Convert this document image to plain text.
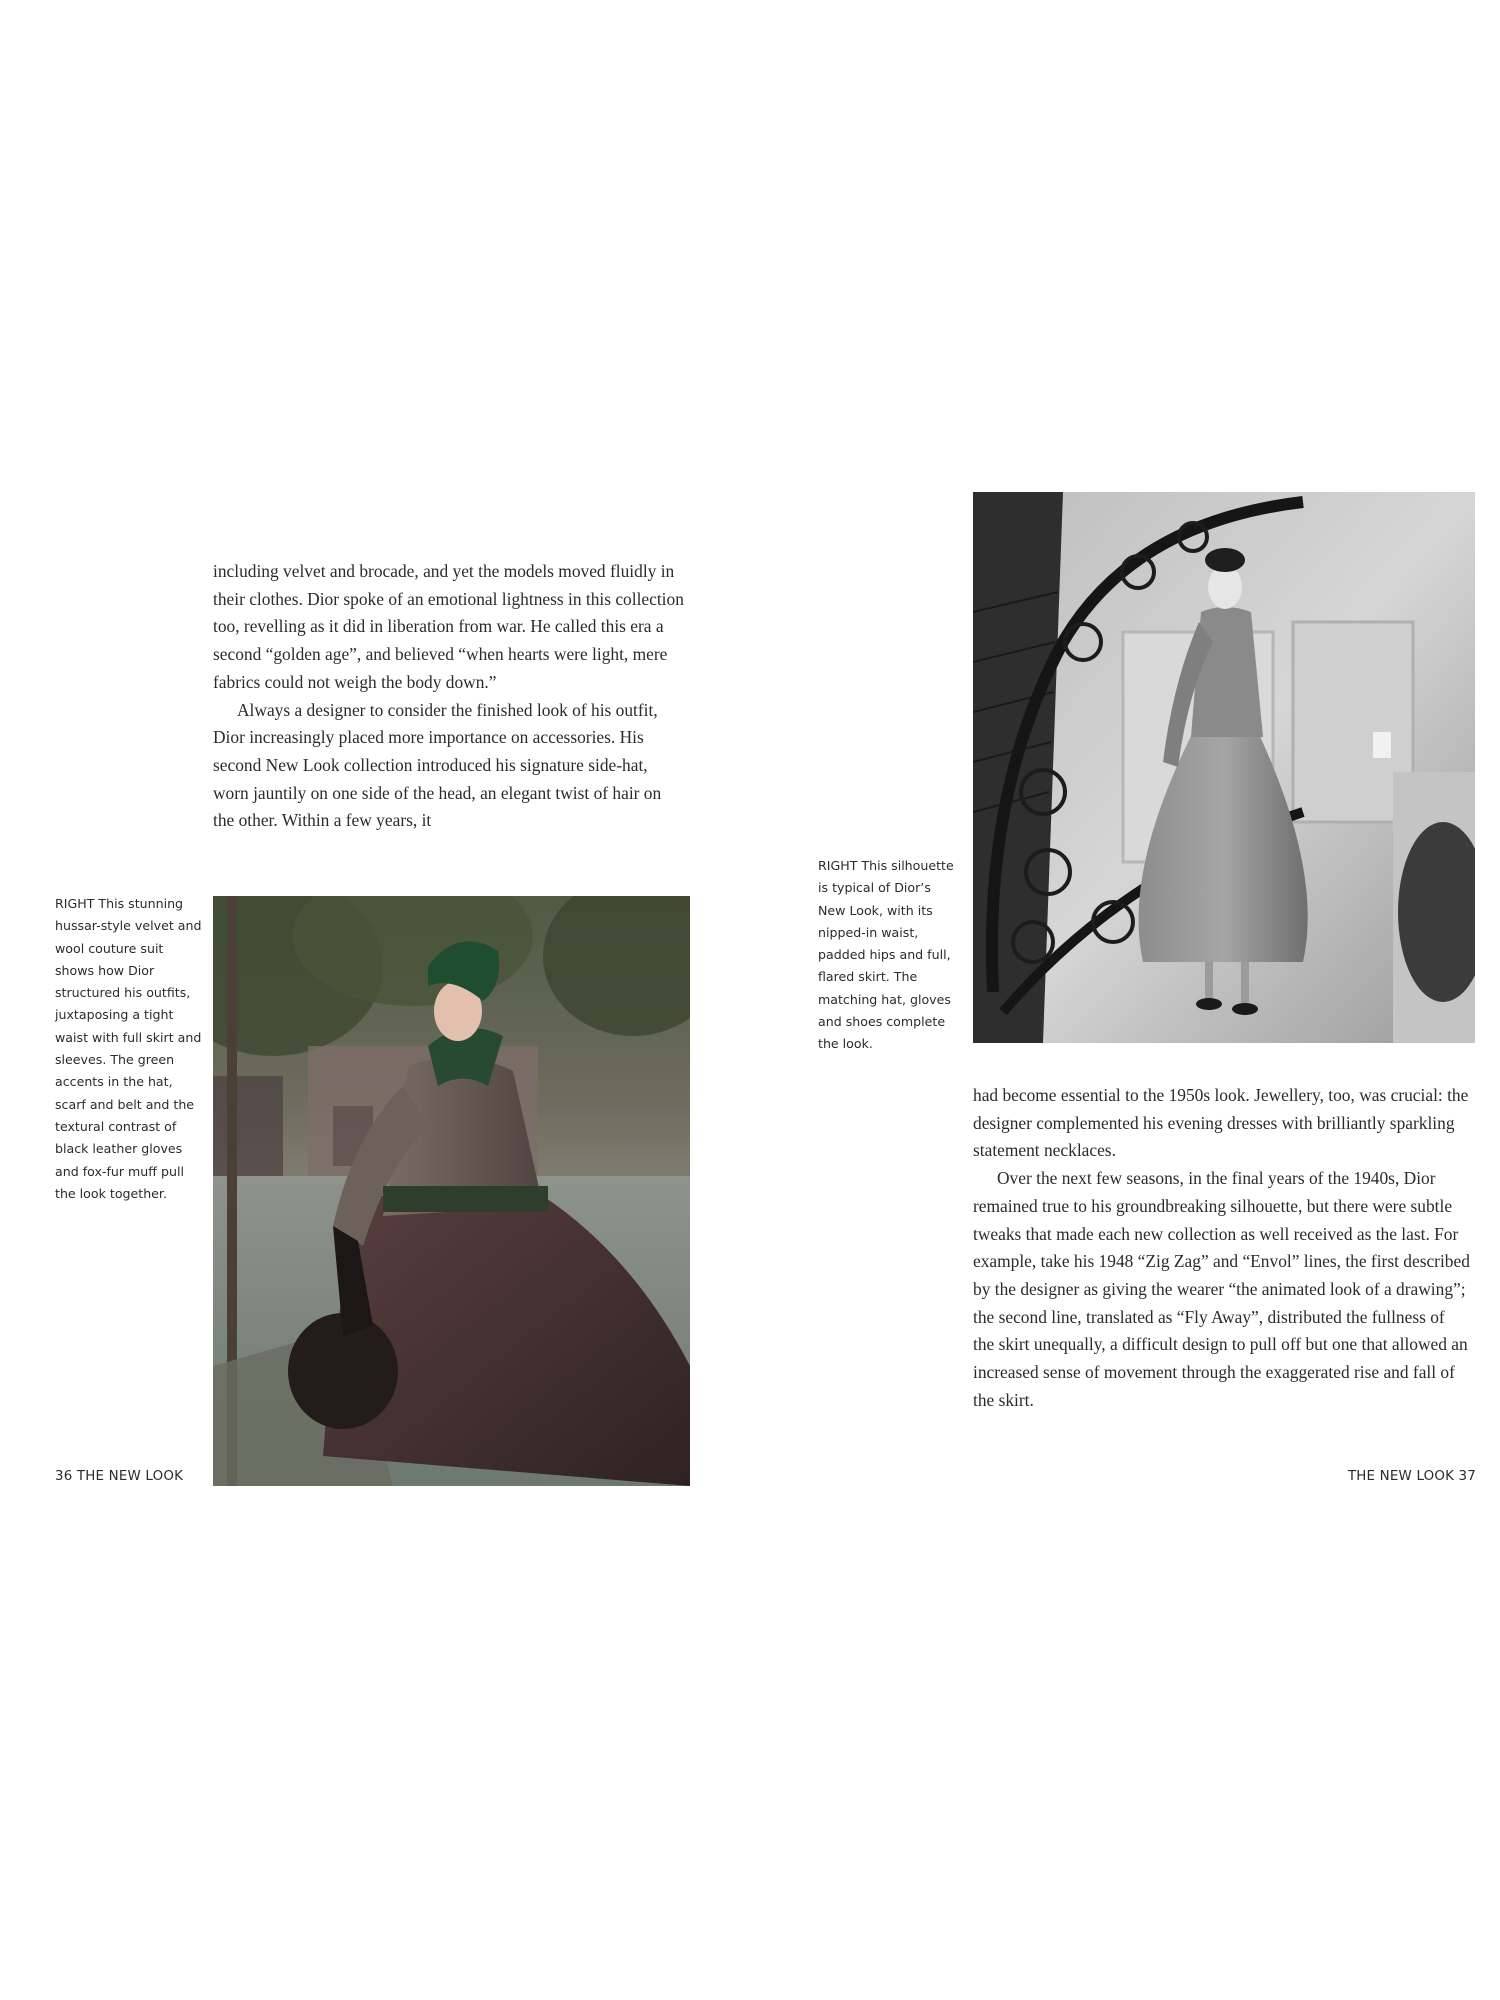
including velvet and brocade, and yet the models moved fluidly in their clothes. Dior spoke of an emotional lightness in this collection too, revelling as it did in liberation from war. He called this era a second “golden age”, and believed “when hearts were light, mere fabrics could not weigh the body down.”

Always a designer to consider the finished look of his outfit, Dior increasingly placed more importance on accessories. His second New Look collection introduced his signature side-hat, worn jauntily on one side of the head, an elegant twist of hair on the other. Within a few years, it

RIGHT This stunning hussar-style velvet and wool couture suit shows how Dior structured his outfits, juxtaposing a tight waist with full skirt and sleeves. The green accents in the hat, scarf and belt and the textural contrast of black leather gloves and fox-fur muff pull the look together.

36 THE NEW LOOK

RIGHT This silhouette is typical of Dior’s New Look, with its nipped-in waist, padded hips and full, flared skirt. The matching hat, gloves and shoes complete the look.

had become essential to the 1950s look. Jewellery, too, was crucial: the designer complemented his evening dresses with brilliantly sparkling statement necklaces.

Over the next few seasons, in the final years of the 1940s, Dior remained true to his groundbreaking silhouette, but there were subtle tweaks that made each new collection as well received as the last. For example, take his 1948 “Zig Zag” and “Envol” lines, the first described by the designer as giving the wearer “the animated look of a drawing”; the second line, translated as “Fly Away”, distributed the fullness of the skirt unequally, a difficult design to pull off but one that allowed an increased sense of movement through the exaggerated rise and fall of the skirt.

THE NEW LOOK 37
